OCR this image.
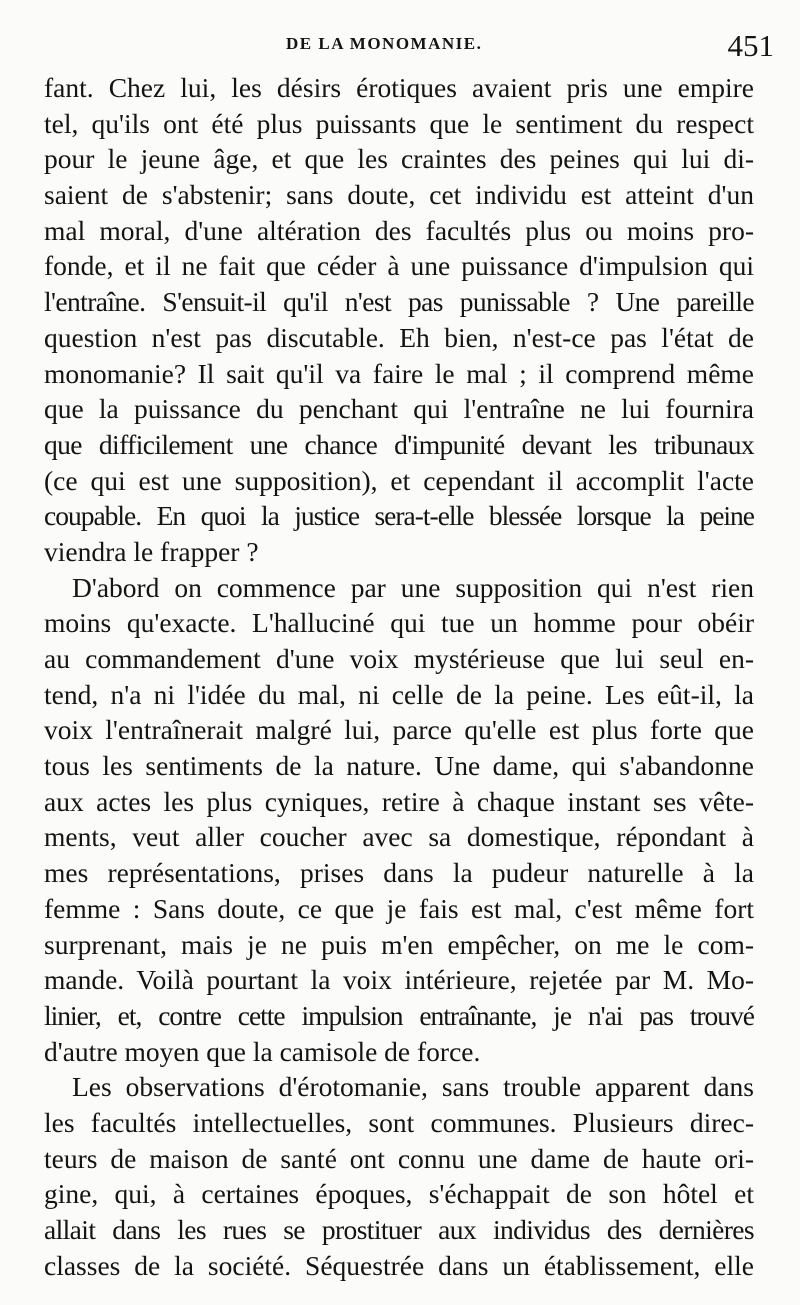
DE LA MONOMANIE.	451
fant. Chez lui, les désirs érotiques avaient pris une empire
tel, qu'ils ont été plus puissants que le sentiment du respect
pour le jeune âge, et que les craintes des peines qui lui di-
saient de s'abstenir; sans doute, cet individu est atteint d'un
mal moral, d'une altération des facultés plus ou moins pro-
fonde, et il ne fait que céder à une puissance d'impulsion qui
l'entraîne. S'ensuit-il qu'il n'est pas punissable ? Une pareille
question n'est pas discutable. Eh bien, n'est-ce pas l'état de
monomanie? Il sait qu'il va faire le mal ; il comprend même
que la puissance du penchant qui l'entraîne ne lui fournira
que difficilement une chance d'impunité devant les tribunaux
(ce qui est une supposition), et cependant il accomplit l'acte
coupable. En quoi la justice sera-t-elle blessée lorsque la peine
viendra le frapper ?
D'abord on commence par une supposition qui n'est rien
moins qu'exacte. L'halluciné qui tue un homme pour obéir
au commandement d'une voix mystérieuse que lui seul en-
tend, n'a ni l'idée du mal, ni celle de la peine. Les eût-il, la
voix l'entraînerait malgré lui, parce qu'elle est plus forte que
tous les sentiments de la nature. Une dame, qui s'abandonne
aux actes les plus cyniques, retire à chaque instant ses vête-
ments, veut aller coucher avec sa domestique, répondant à
mes représentations, prises dans la pudeur naturelle à la
femme : Sans doute, ce que je fais est mal, c'est même fort
surprenant, mais je ne puis m'en empêcher, on me le com-
mande. Voilà pourtant la voix intérieure, rejetée par M. Mo-
linier, et, contre cette impulsion entraînante, je n'ai pas trouvé
d'autre moyen que la camisole de force.
Les observations d'érotomanie, sans trouble apparent dans
les facultés intellectuelles, sont communes. Plusieurs direc-
teurs de maison de santé ont connu une dame de haute ori-
gine, qui, à certaines époques, s'échappait de son hôtel et
allait dans les rues se prostituer aux individus des dernières
classes de la société. Séquestrée dans un établissement, elle
